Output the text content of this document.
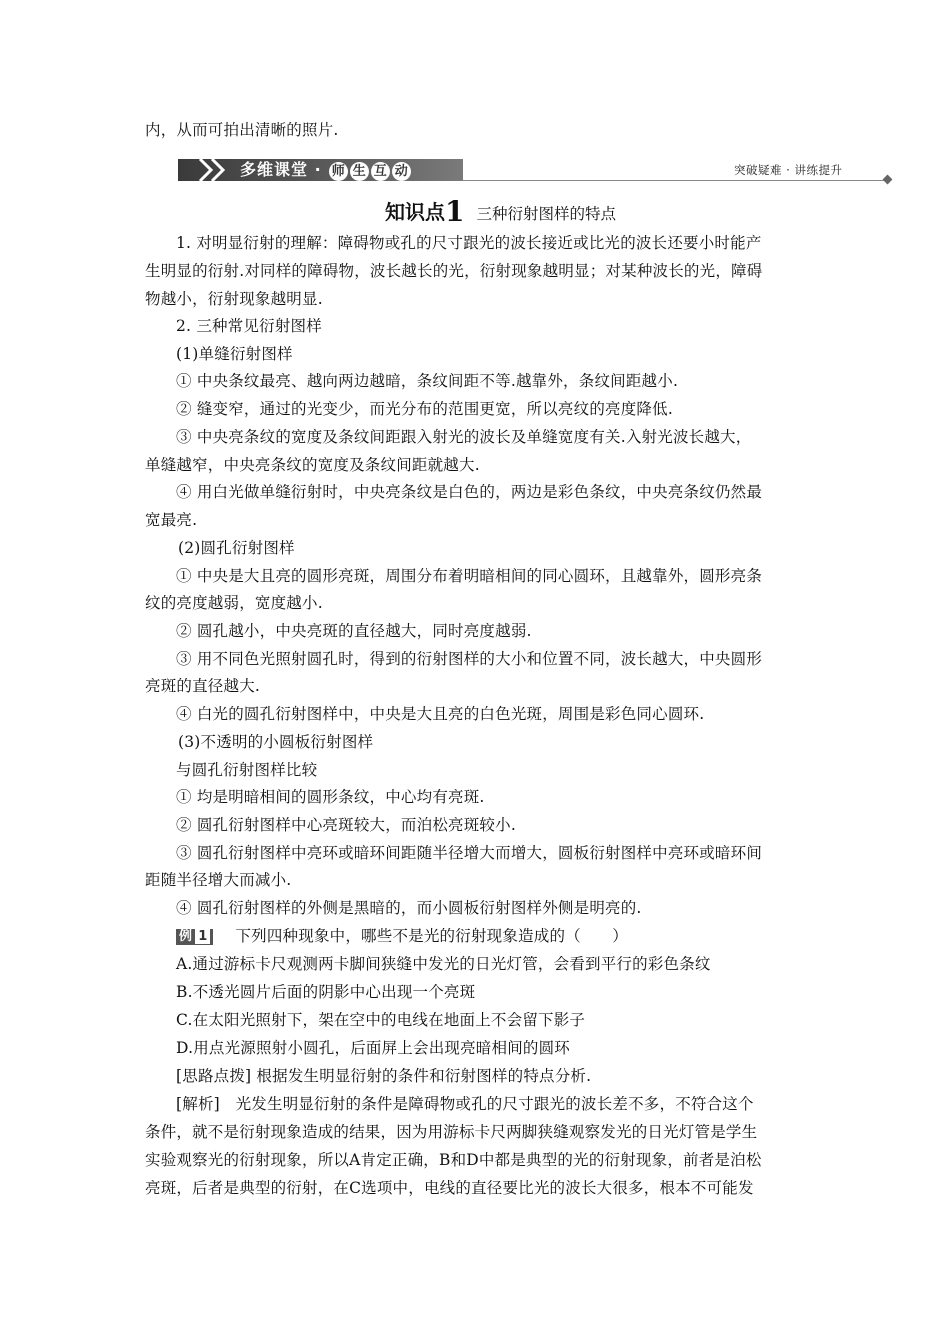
内，从而可拍出清晰的照片.
多维课堂 · 师 生 互 动	突破疑难 · 讲练提升
知识点1 三种衍射图样的特点
1. 对明显衍射的理解：障碍物或孔的尺寸跟光的波长接近或比光的波长还要小时能产
生明显的衍射.对同样的障碍物，波长越长的光，衍射现象越明显；对某种波长的光，障碍
物越小，衍射现象越明显.
2. 三种常见衍射图样
(1)单缝衍射图样
① 中央条纹最亮、越向两边越暗，条纹间距不等.越靠外，条纹间距越小.
② 缝变窄，通过的光变少，而光分布的范围更宽，所以亮纹的亮度降低.
③ 中央亮条纹的宽度及条纹间距跟入射光的波长及单缝宽度有关.入射光波长越大，
单缝越窄，中央亮条纹的宽度及条纹间距就越大.
④ 用白光做单缝衍射时，中央亮条纹是白色的，两边是彩色条纹，中央亮条纹仍然最
宽最亮.
(2)圆孔衍射图样
① 中央是大且亮的圆形亮斑，周围分布着明暗相间的同心圆环，且越靠外，圆形亮条
纹的亮度越弱，宽度越小.
② 圆孔越小，中央亮斑的直径越大，同时亮度越弱.
③ 用不同色光照射圆孔时，得到的衍射图样的大小和位置不同，波长越大，中央圆形
亮斑的直径越大.
④ 白光的圆孔衍射图样中，中央是大且亮的白色光斑，周围是彩色同心圆环.
(3)不透明的小圆板衍射图样
与圆孔衍射图样比较
① 均是明暗相间的圆形条纹，中心均有亮斑.
② 圆孔衍射图样中心亮斑较大，而泊松亮斑较小.
③ 圆孔衍射图样中亮环或暗环间距随半径增大而增大，圆板衍射图样中亮环或暗环间
距随半径增大而减小.
④ 圆孔衍射图样的外侧是黑暗的，而小圆板衍射图样外侧是明亮的.
例 1 下列四种现象中，哪些不是光的衍射现象造成的（　　）
A.通过游标卡尺观测两卡脚间狭缝中发光的日光灯管，会看到平行的彩色条纹
B.不透光圆片后面的阴影中心出现一个亮斑
C.在太阳光照射下，架在空中的电线在地面上不会留下影子
D.用点光源照射小圆孔，后面屏上会出现亮暗相间的圆环
[思路点拨] 根据发生明显衍射的条件和衍射图样的特点分析.
[解析]　光发生明显衍射的条件是障碍物或孔的尺寸跟光的波长差不多，不符合这个
条件，就不是衍射现象造成的结果，因为用游标卡尺两脚狭缝观察发光的日光灯管是学生
实验观察光的衍射现象，所以A肯定正确，B和D中都是典型的光的衍射现象，前者是泊松
亮斑，后者是典型的衍射，在C选项中，电线的直径要比光的波长大很多，根本不可能发
